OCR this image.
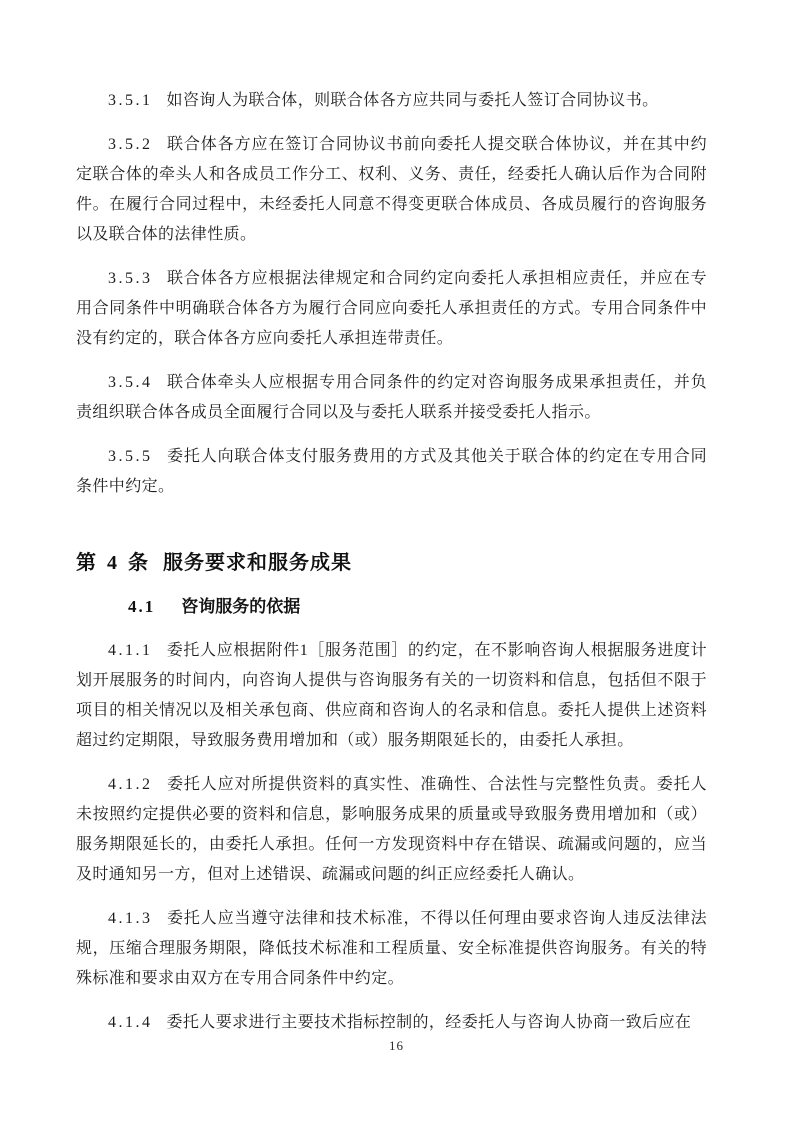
3.5.1 如咨询人为联合体，则联合体各方应共同与委托人签订合同协议书。

3.5.2 联合体各方应在签订合同协议书前向委托人提交联合体协议，并在其中约定联合体的牵头人和各成员工作分工、权利、义务、责任，经委托人确认后作为合同附件。在履行合同过程中，未经委托人同意不得变更联合体成员、各成员履行的咨询服务以及联合体的法律性质。

3.5.3 联合体各方应根据法律规定和合同约定向委托人承担相应责任，并应在专用合同条件中明确联合体各方为履行合同应向委托人承担责任的方式。专用合同条件中没有约定的，联合体各方应向委托人承担连带责任。

3.5.4 联合体牵头人应根据专用合同条件的约定对咨询服务成果承担责任，并负责组织联合体各成员全面履行合同以及与委托人联系并接受委托人指示。

3.5.5 委托人向联合体支付服务费用的方式及其他关于联合体的约定在专用合同条件中约定。

第 4 条 服务要求和服务成果
4.1 咨询服务的依据

4.1.1 委托人应根据附件1［服务范围］的约定，在不影响咨询人根据服务进度计划开展服务的时间内，向咨询人提供与咨询服务有关的一切资料和信息，包括但不限于项目的相关情况以及相关承包商、供应商和咨询人的名录和信息。委托人提供上述资料超过约定期限，导致服务费用增加和（或）服务期限延长的，由委托人承担。

4.1.2 委托人应对所提供资料的真实性、准确性、合法性与完整性负责。委托人未按照约定提供必要的资料和信息，影响服务成果的质量或导致服务费用增加和（或）服务期限延长的，由委托人承担。任何一方发现资料中存在错误、疏漏或问题的，应当及时通知另一方，但对上述错误、疏漏或问题的纠正应经委托人确认。

4.1.3 委托人应当遵守法律和技术标准，不得以任何理由要求咨询人违反法律法规，压缩合理服务期限，降低技术标准和工程质量、安全标准提供咨询服务。有关的特殊标准和要求由双方在专用合同条件中约定。

4.1.4 委托人要求进行主要技术指标控制的，经委托人与咨询人协商一致后应在

16
